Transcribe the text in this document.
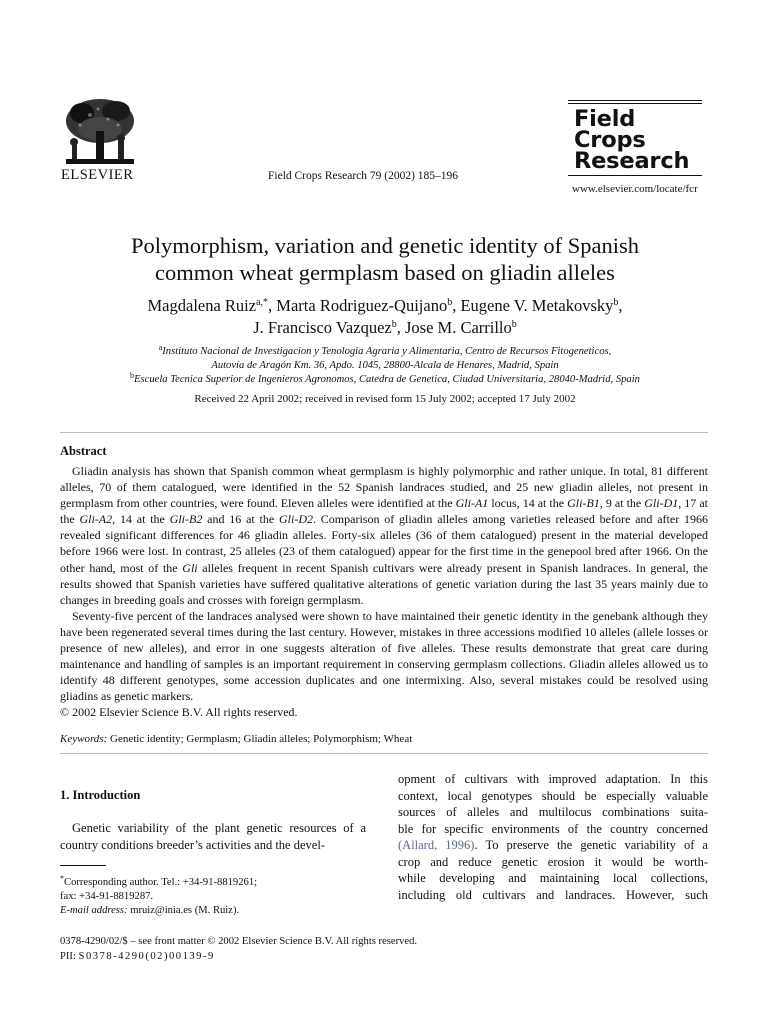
ELSEVIER	Field Crops Research 79 (2002) 185–196
Field
Crops
Research
www.elsevier.com/locate/fcr
Polymorphism, variation and genetic identity of Spanish
common wheat germplasm based on gliadin alleles
Magdalena Ruiz$^{a,*}$, Marta Rodriguez-Quijano$^b$, Eugene V. Metakovsky$^b$,
J. Francisco Vazquez$^b$, Jose M. Carrillo$^b$
$^a$Instituto Nacional de Investigacion y Tenologia Agraria y Alimentaria, Centro de Recursos Fitogeneticos,
Autovía de Aragón Km. 36, Apdo. 1045, 28800-Alcala de Henares, Madrid, Spain
$^b$Escuela Tecnica Superior de Ingenieros Agronomos, Catedra de Genetica, Ciudad Universitaria, 28040-Madrid, Spain
Received 22 April 2002; received in revised form 15 July 2002; accepted 17 July 2002
Abstract

Gliadin analysis has shown that Spanish common wheat germplasm is highly polymorphic and rather unique. In total, 81 different alleles, 70 of them catalogued, were identified in the 52 Spanish landraces studied, and 25 new gliadin alleles, not present in germplasm from other countries, were found. Eleven alleles were identified at the Gli-A1 locus, 14 at the Gli-B1, 9 at the Gli-D1, 17 at the Gli-A2, 14 at the Gli-B2 and 16 at the Gli-D2. Comparison of gliadin alleles among varieties released before and after 1966 revealed significant differences for 46 gliadin alleles. Forty-six alleles (36 of them catalogued) present in the material developed before 1966 were lost. In contrast, 25 alleles (23 of them catalogued) appear for the first time in the genepool bred after 1966. On the other hand, most of the Gli alleles frequent in recent Spanish cultivars were already present in Spanish landraces. In general, the results showed that Spanish varieties have suffered qualitative alterations of genetic variation during the last 35 years mainly due to changes in breeding goals and crosses with foreign germplasm.

Seventy-five percent of the landraces analysed were shown to have maintained their genetic identity in the genebank although they have been regenerated several times during the last century. However, mistakes in three accessions modified 10 alleles (allele losses or presence of new alleles), and error in one suggests alteration of five alleles. These results demonstrate that great care during maintenance and handling of samples is an important requirement in conserving germplasm collections. Gliadin alleles allowed us to identify 48 different genotypes, some accession duplicates and one intermixing. Also, several mistakes could be resolved using gliadins as genetic markers.

© 2002 Elsevier Science B.V. All rights reserved.

Keywords: Genetic identity; Germplasm; Gliadin alleles; Polymorphism; Wheat
1. Introduction
Genetic variability of the plant genetic resources of a country conditions breeder’s activities and the devel-
opment of cultivars with improved adaptation. In this
context, local genotypes should be especially valuable
sources of alleles and multilocus combinations suita-
ble for specific environments of the country concerned
(Allard, 1996). To preserve the genetic variability of a
crop and reduce genetic erosion it would be worth-
while developing and maintaining local collections,
including old cultivars and landraces. However, such
*Corresponding author. Tel.: +34-91-8819261;
fax: +34-91-8819287.
E-mail address: mruiz@inia.es (M. Ruiz).
0378-4290/02/$ – see front matter © 2002 Elsevier Science B.V. All rights reserved.
PII: S0378-4290(02)00139-9
